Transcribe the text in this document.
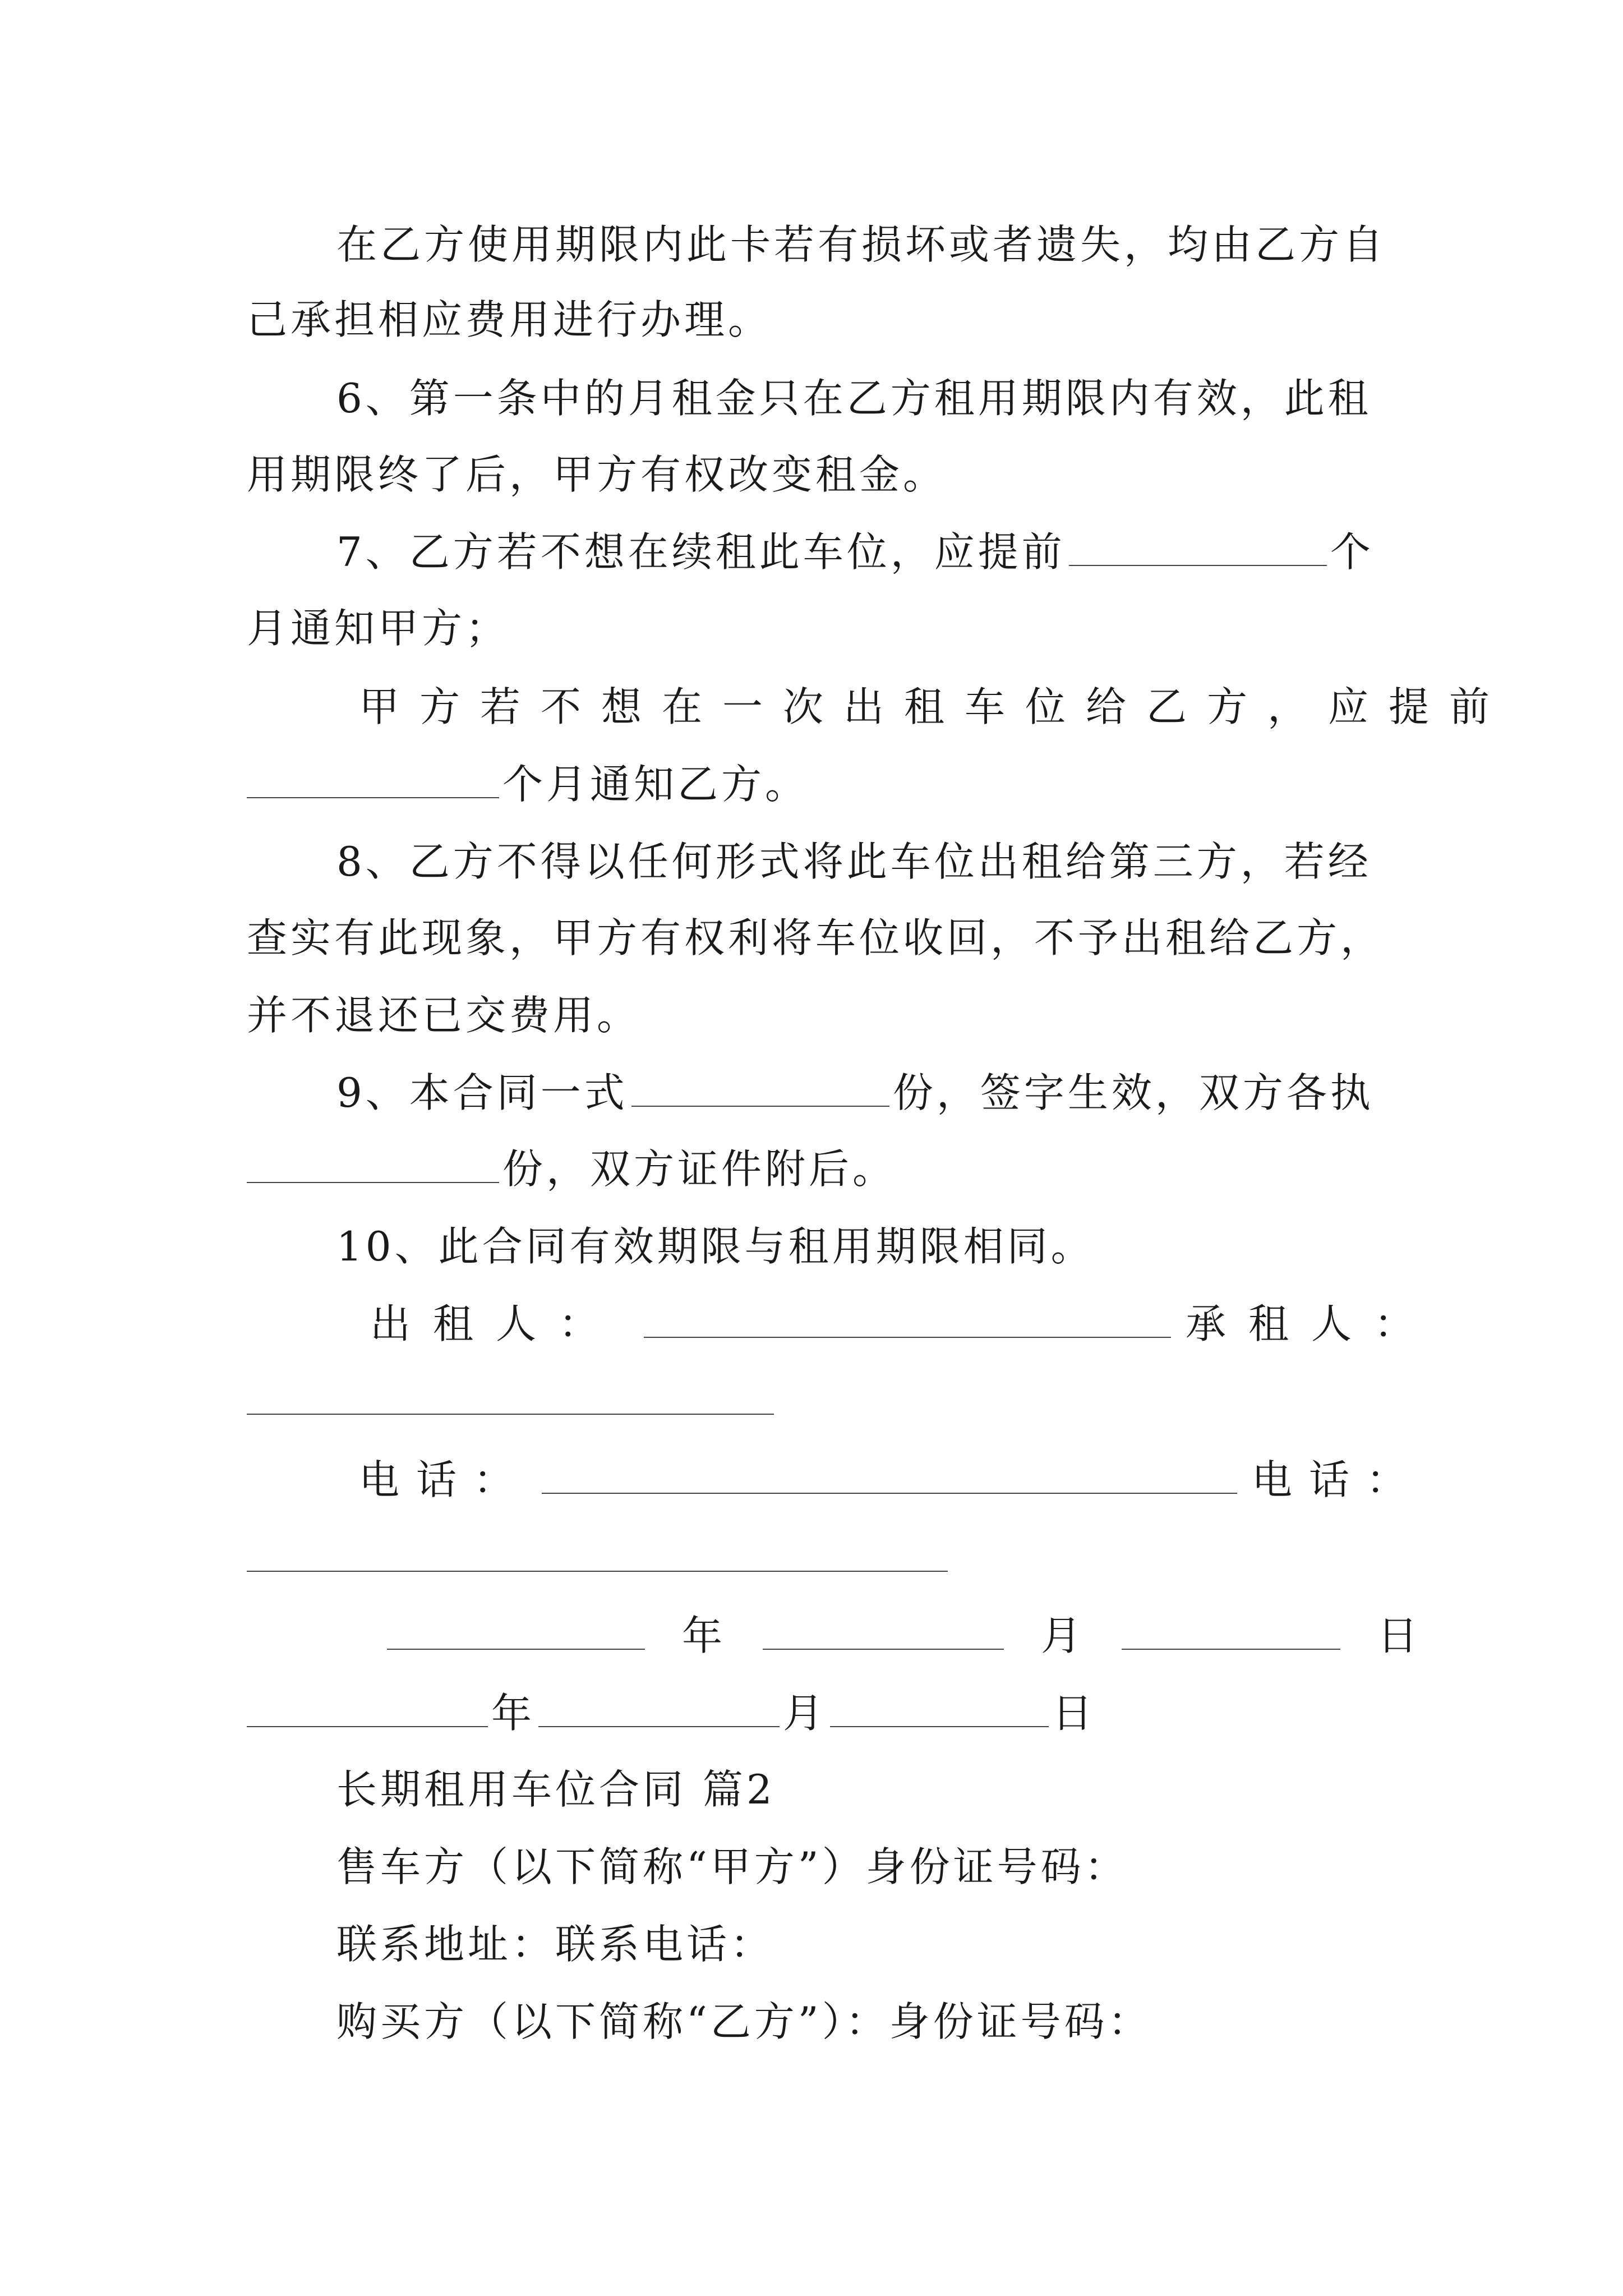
在乙方使用期限内此卡若有损坏或者遗失，均由乙方自
己承担相应费用进行办理。
6、第一条中的月租金只在乙方租用期限内有效，此租
用期限终了后，甲方有权改变租金。
7、乙方若不想在续租此车位，应提前	个
月通知甲方；
甲方若不想在一次出租车位给乙方，应提前
个月通知乙方。
8、乙方不得以任何形式将此车位出租给第三方，若经
查实有此现象，甲方有权利将车位收回，不予出租给乙方，
并不退还已交费用。
9、本合同一式	份，签字生效，双方各执
份，双方证件附后。
10、此合同有效期限与租用期限相同。
出租人：	承租人：
电话：	电话：
年	月	日
年	月	日
长期租用车位合同 篇2
售车方（以下简称“甲方”）身份证号码：
联系地址：联系电话：
购买方（以下简称“乙方”）：身份证号码：
